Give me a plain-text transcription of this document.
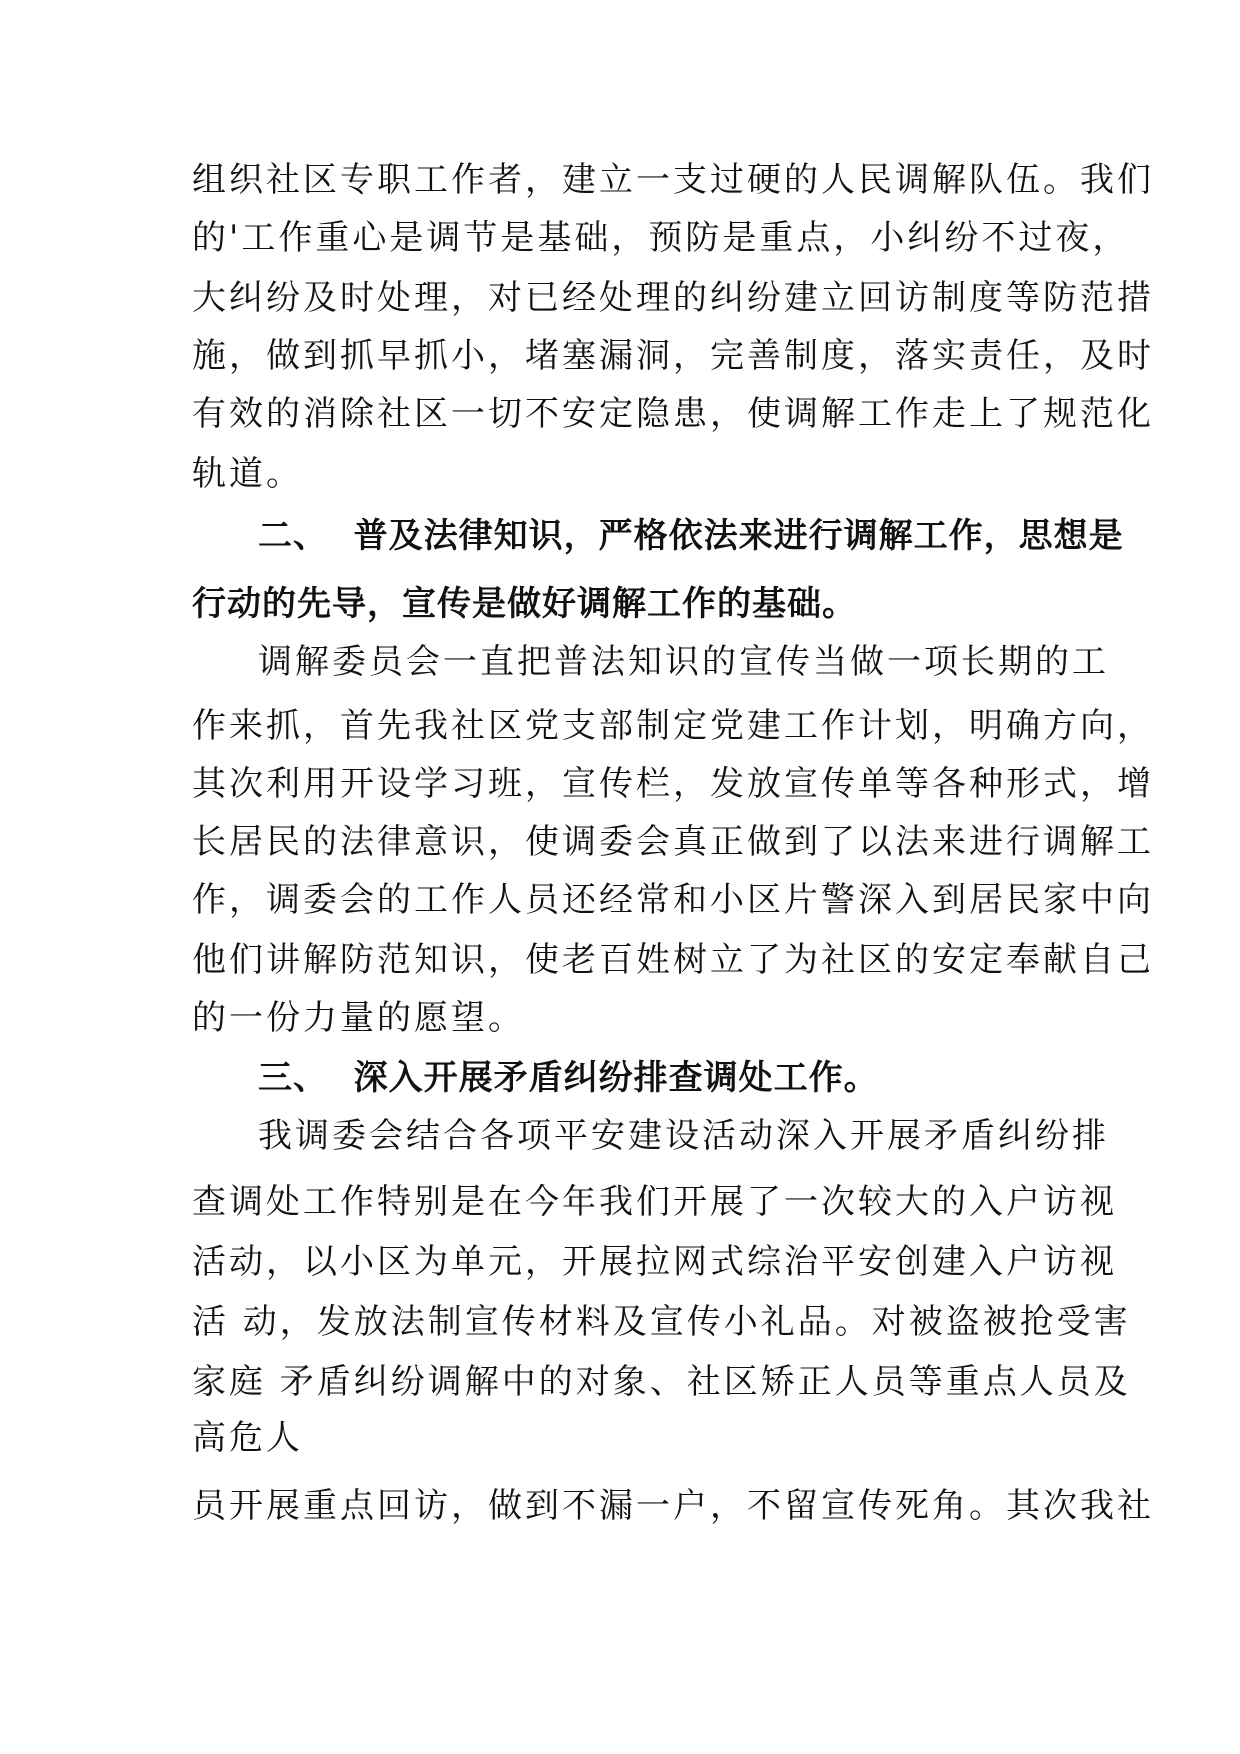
组织社区专职工作者，建立一支过硬的人民调解队伍。我们
的'工作重心是调节是基础，预防是重点，小纠纷不过夜，
大纠纷及时处理，对已经处理的纠纷建立回访制度等防范措
施，做到抓早抓小，堵塞漏洞，完善制度，落实责任，及时
有效的消除社区一切不安定隐患，使调解工作走上了规范化
轨道。
二、  普及法律知识，严格依法来进行调解工作，思想是
行动的先导，宣传是做好调解工作的基础。
调解委员会一直把普法知识的宣传当做一项长期的工
作来抓，首先我社区党支部制定党建工作计划，明确方向，
其次利用开设学习班，宣传栏，发放宣传单等各种形式，增
长居民的法律意识，使调委会真正做到了以法来进行调解工
作，调委会的工作人员还经常和小区片警深入到居民家中向
他们讲解防范知识，使老百姓树立了为社区的安定奉献自己
的一份力量的愿望。
三、  深入开展矛盾纠纷排查调处工作。
我调委会结合各项平安建设活动深入开展矛盾纠纷排
查调处工作特别是在今年我们开展了一次较大的入户访视
活动，以小区为单元，开展拉网式综治平安创建入户访视
活 动，发放法制宣传材料及宣传小礼品。对被盗被抢受害
家庭 矛盾纠纷调解中的对象、社区矫正人员等重点人员及
高危人
员开展重点回访，做到不漏一户，不留宣传死角。其次我社
